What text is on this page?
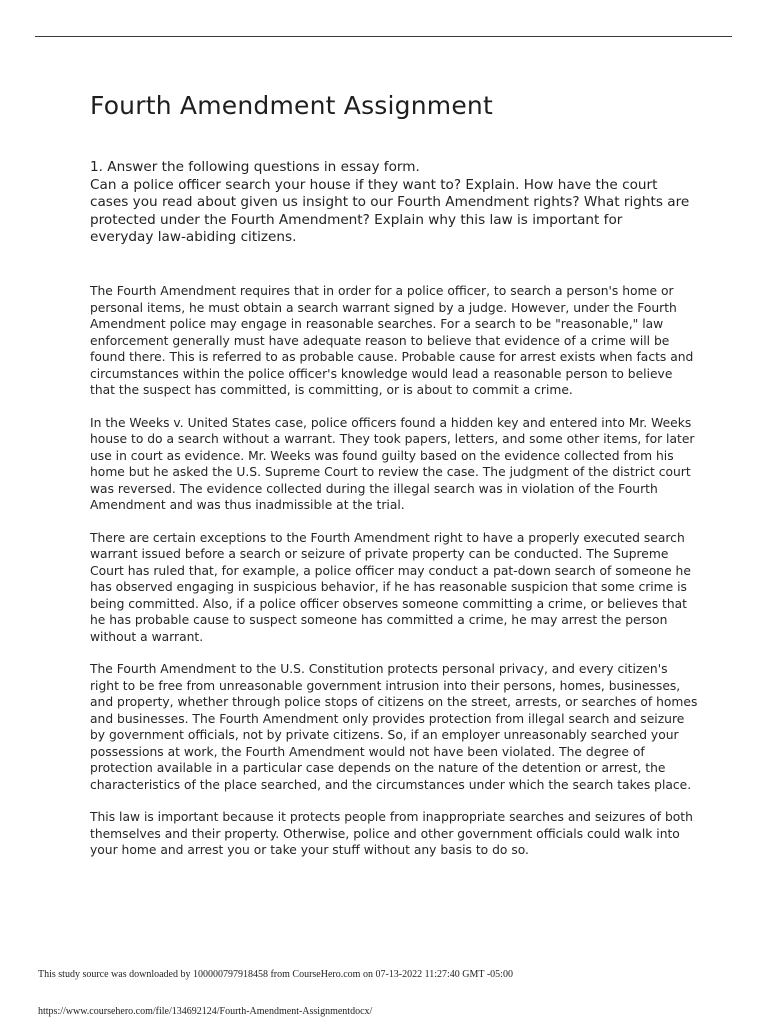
Fourth Amendment Assignment

1. Answer the following questions in essay form.

Can a police officer search your house if they want to? Explain. How have the court cases you read about given us insight to our Fourth Amendment rights? What rights are protected under the Fourth Amendment? Explain why this law is important for everyday law-abiding citizens.

The Fourth Amendment requires that in order for a police officer, to search a person's home or personal items, he must obtain a search warrant signed by a judge. However, under the Fourth Amendment police may engage in reasonable searches. For a search to be "reasonable," law enforcement generally must have adequate reason to believe that evidence of a crime will be found there. This is referred to as probable cause. Probable cause for arrest exists when facts and circumstances within the police officer's knowledge would lead a reasonable person to believe that the suspect has committed, is committing, or is about to commit a crime.

In the Weeks v. United States case, police officers found a hidden key and entered into Mr. Weeks house to do a search without a warrant. They took papers, letters, and some other items, for later use in court as evidence. Mr. Weeks was found guilty based on the evidence collected from his home but he asked the U.S. Supreme Court to review the case. The judgment of the district court was reversed. The evidence collected during the illegal search was in violation of the Fourth Amendment and was thus inadmissible at the trial.

There are certain exceptions to the Fourth Amendment right to have a properly executed search warrant issued before a search or seizure of private property can be conducted. The Supreme Court has ruled that, for example, a police officer may conduct a pat-down search of someone he has observed engaging in suspicious behavior, if he has reasonable suspicion that some crime is being committed. Also, if a police officer observes someone committing a crime, or believes that he has probable cause to suspect someone has committed a crime, he may arrest the person without a warrant.

The Fourth Amendment to the U.S. Constitution protects personal privacy, and every citizen's right to be free from unreasonable government intrusion into their persons, homes, businesses, and property, whether through police stops of citizens on the street, arrests, or searches of homes and businesses. The Fourth Amendment only provides protection from illegal search and seizure by government officials, not by private citizens. So, if an employer unreasonably searched your possessions at work, the Fourth Amendment would not have been violated. The degree of protection available in a particular case depends on the nature of the detention or arrest, the characteristics of the place searched, and the circumstances under which the search takes place.

This law is important because it protects people from inappropriate searches and seizures of both themselves and their property. Otherwise, police and other government officials could walk into your home and arrest you or take your stuff without any basis to do so.

This study source was downloaded by 100000797918458 from CourseHero.com on 07-13-2022 11:27:40 GMT -05:00
https://www.coursehero.com/file/134692124/Fourth-Amendment-Assignmentdocx/
